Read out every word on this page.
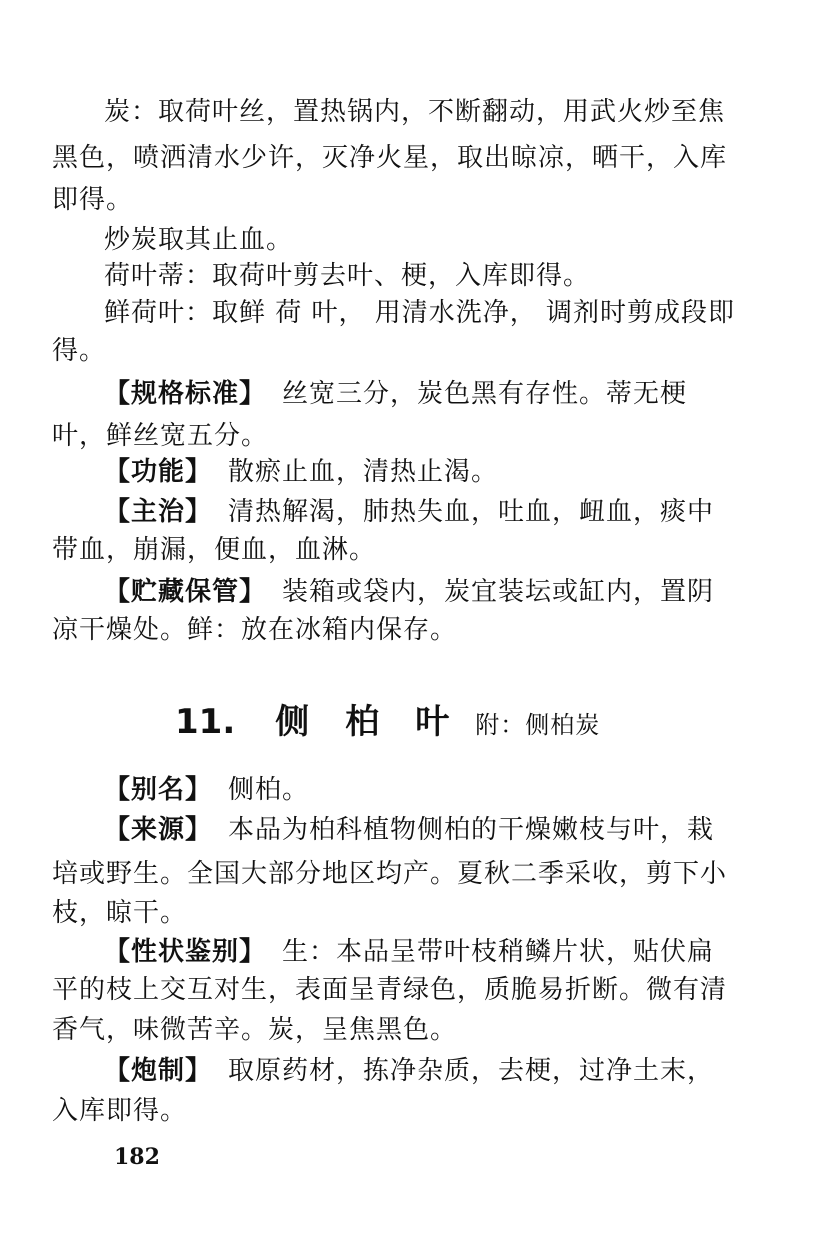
炭：取荷叶丝，置热锅内，不断翻动，用武火炒至焦
黑色，喷洒清水少许，灭净火星，取出晾凉，晒干，入库
即得。
炒炭取其止血。
荷叶蒂：取荷叶剪去叶、梗，入库即得。
鲜荷叶：取鲜 荷 叶， 用清水洗净， 调剂时剪成段即
得。
【规格标准】 丝宽三分，炭色黑有存性。蒂无梗
叶，鲜丝宽五分。
【功能】 散瘀止血，清热止渴。
【主治】 清热解渴，肺热失血，吐血，衄血，痰中
带血，崩漏，便血，血淋。
【贮藏保管】 装箱或袋内，炭宜装坛或缸内，置阴
凉干燥处。鲜：放在冰箱内保存。
11. 侧柏叶附：侧柏炭
【别名】 侧柏。
【来源】 本品为柏科植物侧柏的干燥嫩枝与叶，栽
培或野生。全国大部分地区均产。夏秋二季采收，剪下小
枝，晾干。
【性状鉴别】 生：本品呈带叶枝稍鳞片状，贴伏扁
平的枝上交互对生，表面呈青绿色，质脆易折断。微有清
香气，味微苦辛。炭，呈焦黑色。
【炮制】 取原药材，拣净杂质，去梗，过净土末，
入库即得。
182
